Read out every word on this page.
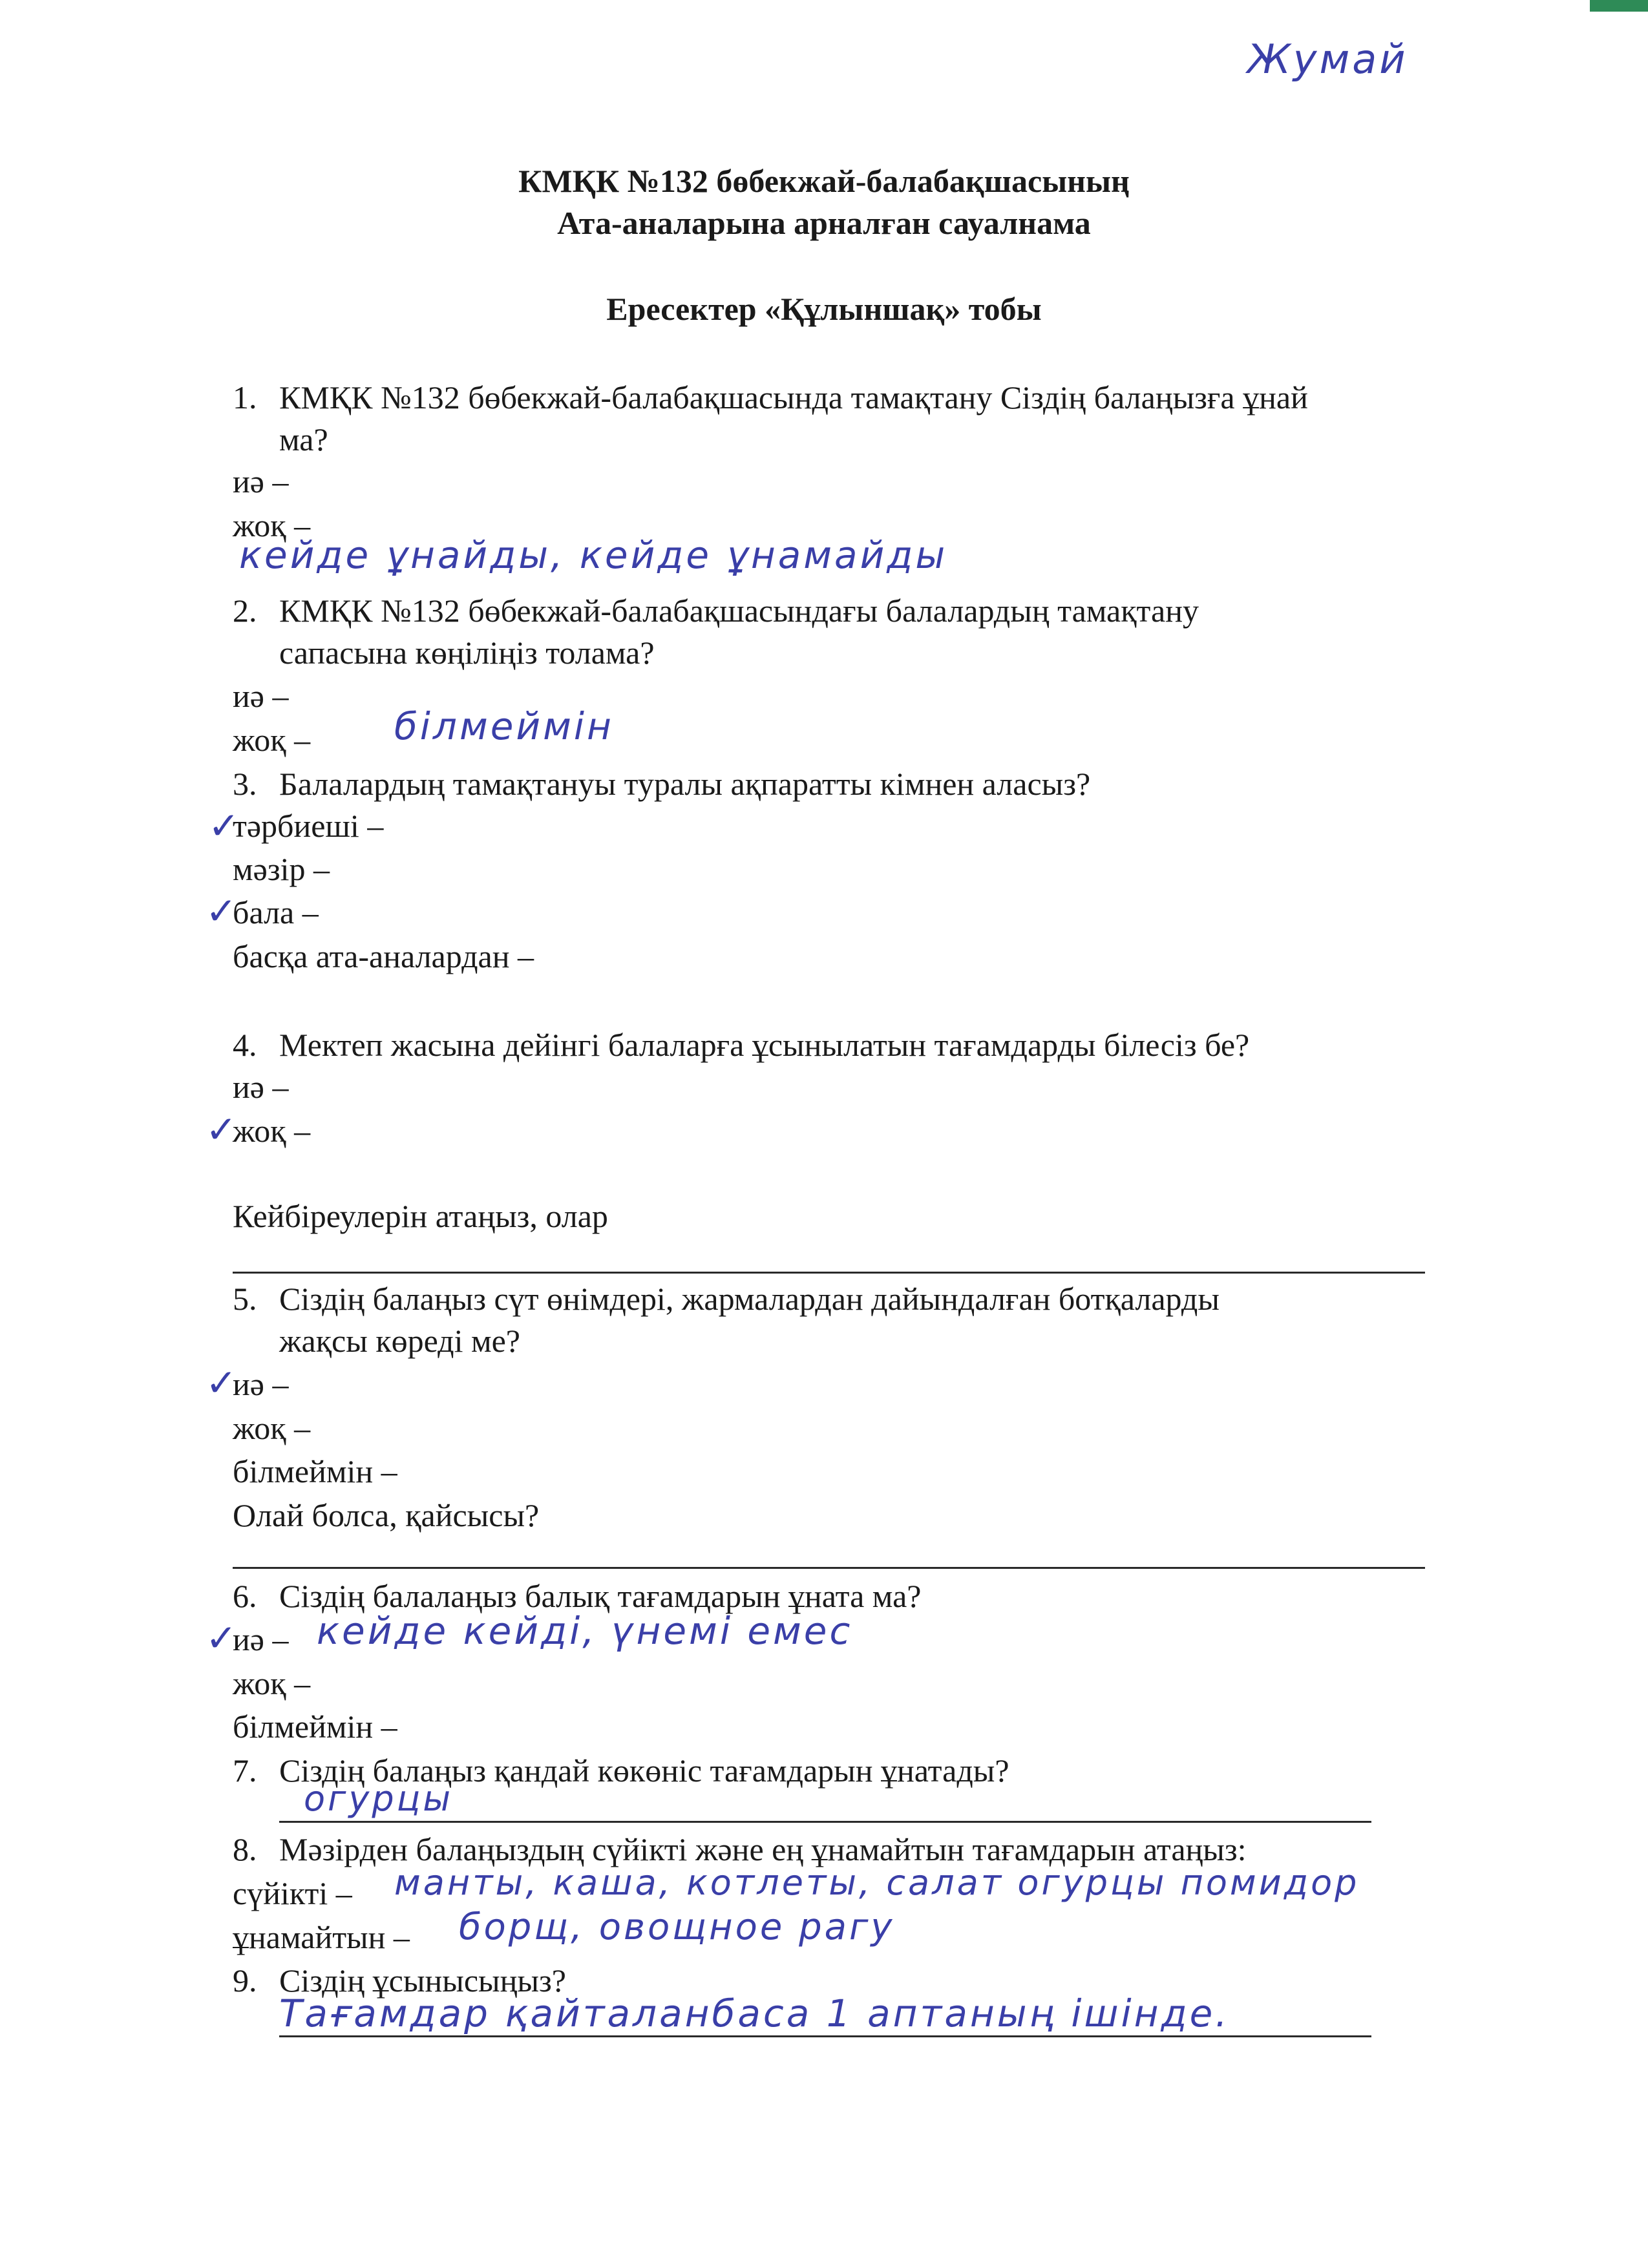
Жумай
КМҚК №132 бөбекжай-балабақшасының
Ата-аналарына арналған сауалнама
Ересектер «Құлыншақ» тобы
1. КМҚК №132 бөбекжай-балабақшасында тамақтану Сіздің балаңызға ұнай
ма?
иә –
жоқ –
кейде ұнайды, кейде ұнамайды
2. КМҚК №132 бөбекжай-балабақшасындағы балалардың тамақтану
сапасына көңіліңіз толама?
иә –
жоқ – білмеймін
3. Балалардың тамақтануы туралы ақпаратты кімнен аласыз?
✓
тәрбиеші –
мәзір –
✓
бала –
басқа ата-аналардан –
4. Мектеп жасына дейінгі балаларға ұсынылатын тағамдарды білесіз бе?
иә –
✓
жоқ –
Кейбіреулерін атаңыз, олар
5. Сіздің балаңыз сүт өнімдері, жармалардан дайындалған ботқаларды
жақсы көреді ме?
✓
иә –
жоқ –
білмеймін –
Олай болса, қайсысы?
6. Сіздің балалаңыз балық тағамдарын ұната ма?
✓
иә – кейде кейді, үнемі емес
жоқ –
білмеймін –
7. Сіздің балаңыз қандай көкөніс тағамдарын ұнатады?
огурцы
8. Мәзірден балаңыздың сүйікті және ең ұнамайтын тағамдарын атаңыз:
сүйікті – манты, каша, котлеты, салат огурцы помидор
ұнамайтын – борщ, овощное рагу
9. Сіздің ұсынысыңыз?
Тағамдар қайталанбаса 1 аптаның ішінде.
